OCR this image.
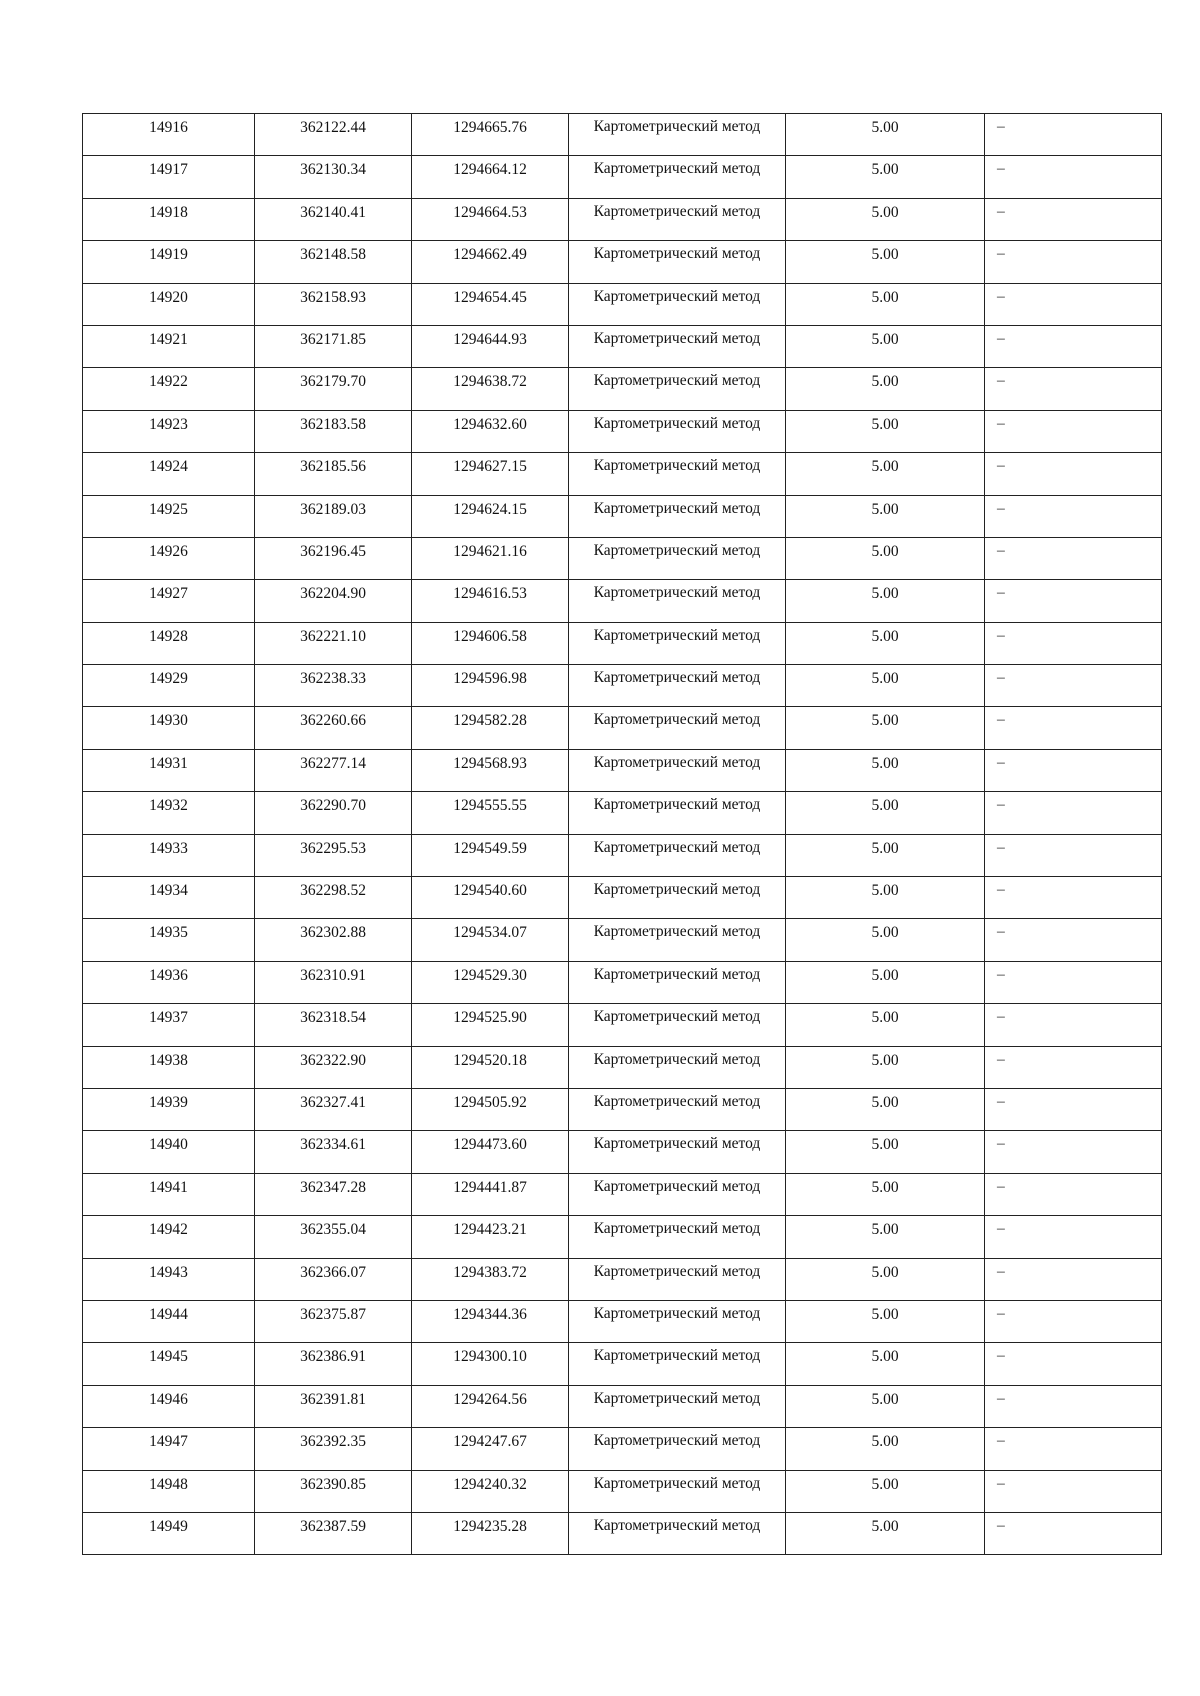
14916	362122.44	1294665.76	Картометрический метод	5.00	–

14917	362130.34	1294664.12	Картометрический метод	5.00	–

14918	362140.41	1294664.53	Картометрический метод	5.00	–

14919	362148.58	1294662.49	Картометрический метод	5.00	–

14920	362158.93	1294654.45	Картометрический метод	5.00	–

14921	362171.85	1294644.93	Картометрический метод	5.00	–

14922	362179.70	1294638.72	Картометрический метод	5.00	–

14923	362183.58	1294632.60	Картометрический метод	5.00	–

14924	362185.56	1294627.15	Картометрический метод	5.00	–

14925	362189.03	1294624.15	Картометрический метод	5.00	–

14926	362196.45	1294621.16	Картометрический метод	5.00	–

14927	362204.90	1294616.53	Картометрический метод	5.00	–

14928	362221.10	1294606.58	Картометрический метод	5.00	–

14929	362238.33	1294596.98	Картометрический метод	5.00	–

14930	362260.66	1294582.28	Картометрический метод	5.00	–

14931	362277.14	1294568.93	Картометрический метод	5.00	–

14932	362290.70	1294555.55	Картометрический метод	5.00	–

14933	362295.53	1294549.59	Картометрический метод	5.00	–

14934	362298.52	1294540.60	Картометрический метод	5.00	–

14935	362302.88	1294534.07	Картометрический метод	5.00	–

14936	362310.91	1294529.30	Картометрический метод	5.00	–

14937	362318.54	1294525.90	Картометрический метод	5.00	–

14938	362322.90	1294520.18	Картометрический метод	5.00	–

14939	362327.41	1294505.92	Картометрический метод	5.00	–

14940	362334.61	1294473.60	Картометрический метод	5.00	–

14941	362347.28	1294441.87	Картометрический метод	5.00	–

14942	362355.04	1294423.21	Картометрический метод	5.00	–

14943	362366.07	1294383.72	Картометрический метод	5.00	–

14944	362375.87	1294344.36	Картометрический метод	5.00	–

14945	362386.91	1294300.10	Картометрический метод	5.00	–

14946	362391.81	1294264.56	Картометрический метод	5.00	–

14947	362392.35	1294247.67	Картометрический метод	5.00	–

14948	362390.85	1294240.32	Картометрический метод	5.00	–

14949	362387.59	1294235.28	Картометрический метод	5.00	–
